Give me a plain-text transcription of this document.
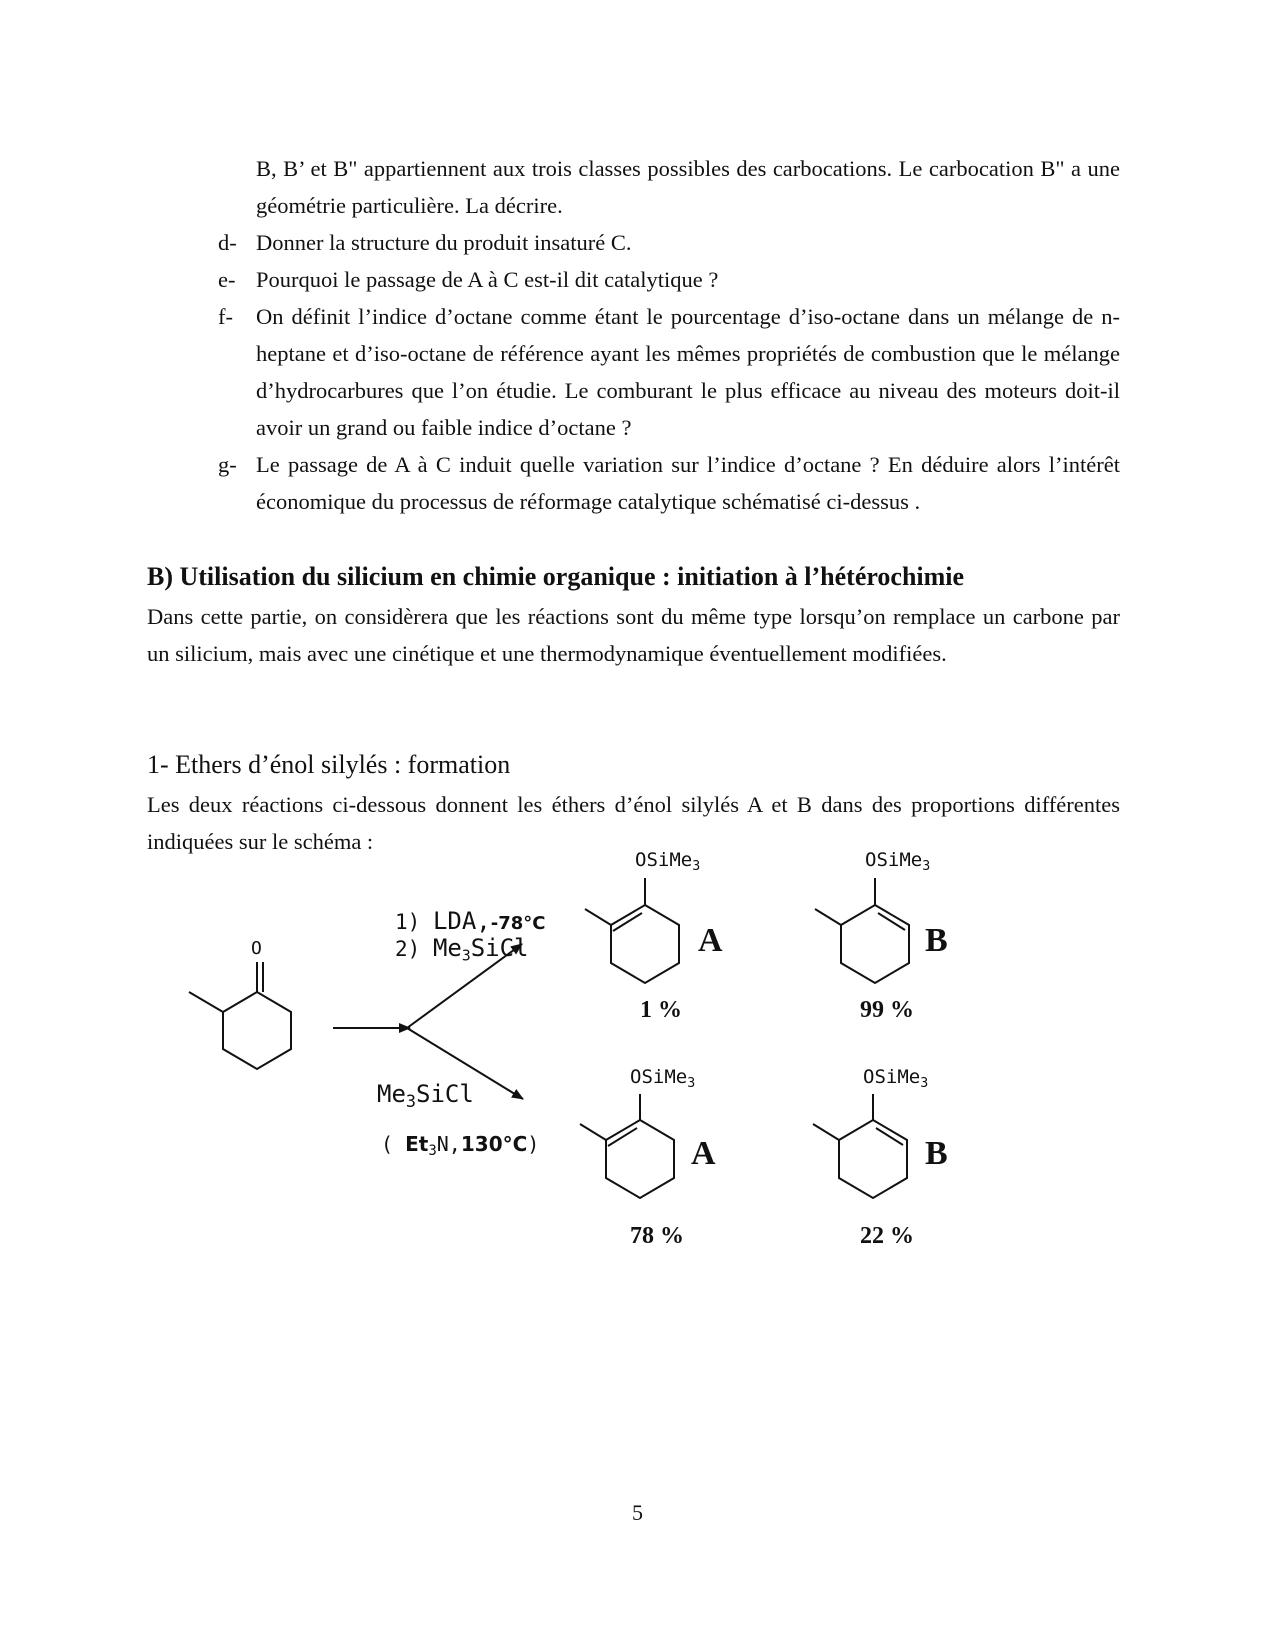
B, B’ et B" appartiennent aux trois classes possibles des carbocations. Le carbocation B" a une géométrie particulière. La décrire.

d- Donner la structure du produit insaturé C.
e- Pourquoi le passage de A à C est-il dit catalytique ?
f- On définit l’indice d’octane comme étant le pourcentage d’iso-octane dans un mélange de n-heptane et d’iso-octane de référence ayant les mêmes propriétés de combustion que le mélange d’hydrocarbures que l’on étudie. Le comburant le plus efficace au niveau des moteurs doit-il avoir un grand ou faible indice d’octane ?
g- Le passage de A à C induit quelle variation sur l’indice d’octane ? En déduire alors l’intérêt économique du processus de réformage catalytique schématisé ci-dessus .
B) Utilisation du silicium en chimie organique : initiation à l’hétérochimie

Dans cette partie, on considèrera que les réactions sont du même type lorsqu’on remplace un carbone par un silicium, mais avec une cinétique et une thermodynamique éventuellement modifiées.

1- Ethers d’énol silylés : formation

Les deux réactions ci-dessous donnent les éthers d’énol silylés A et B dans des proportions différentes indiquées sur le schéma :

O
1) LDA,-78°C
2) $Me_3SiCl$
$Me_3SiCl$
( $Et_3N,130^\circ C$)
OSiMe$_3$	OSiMe$_3$
OSiMe$_3$	OSiMe$_3$
A	B
A	B
1 %	99 %
78 %	22 %
5
